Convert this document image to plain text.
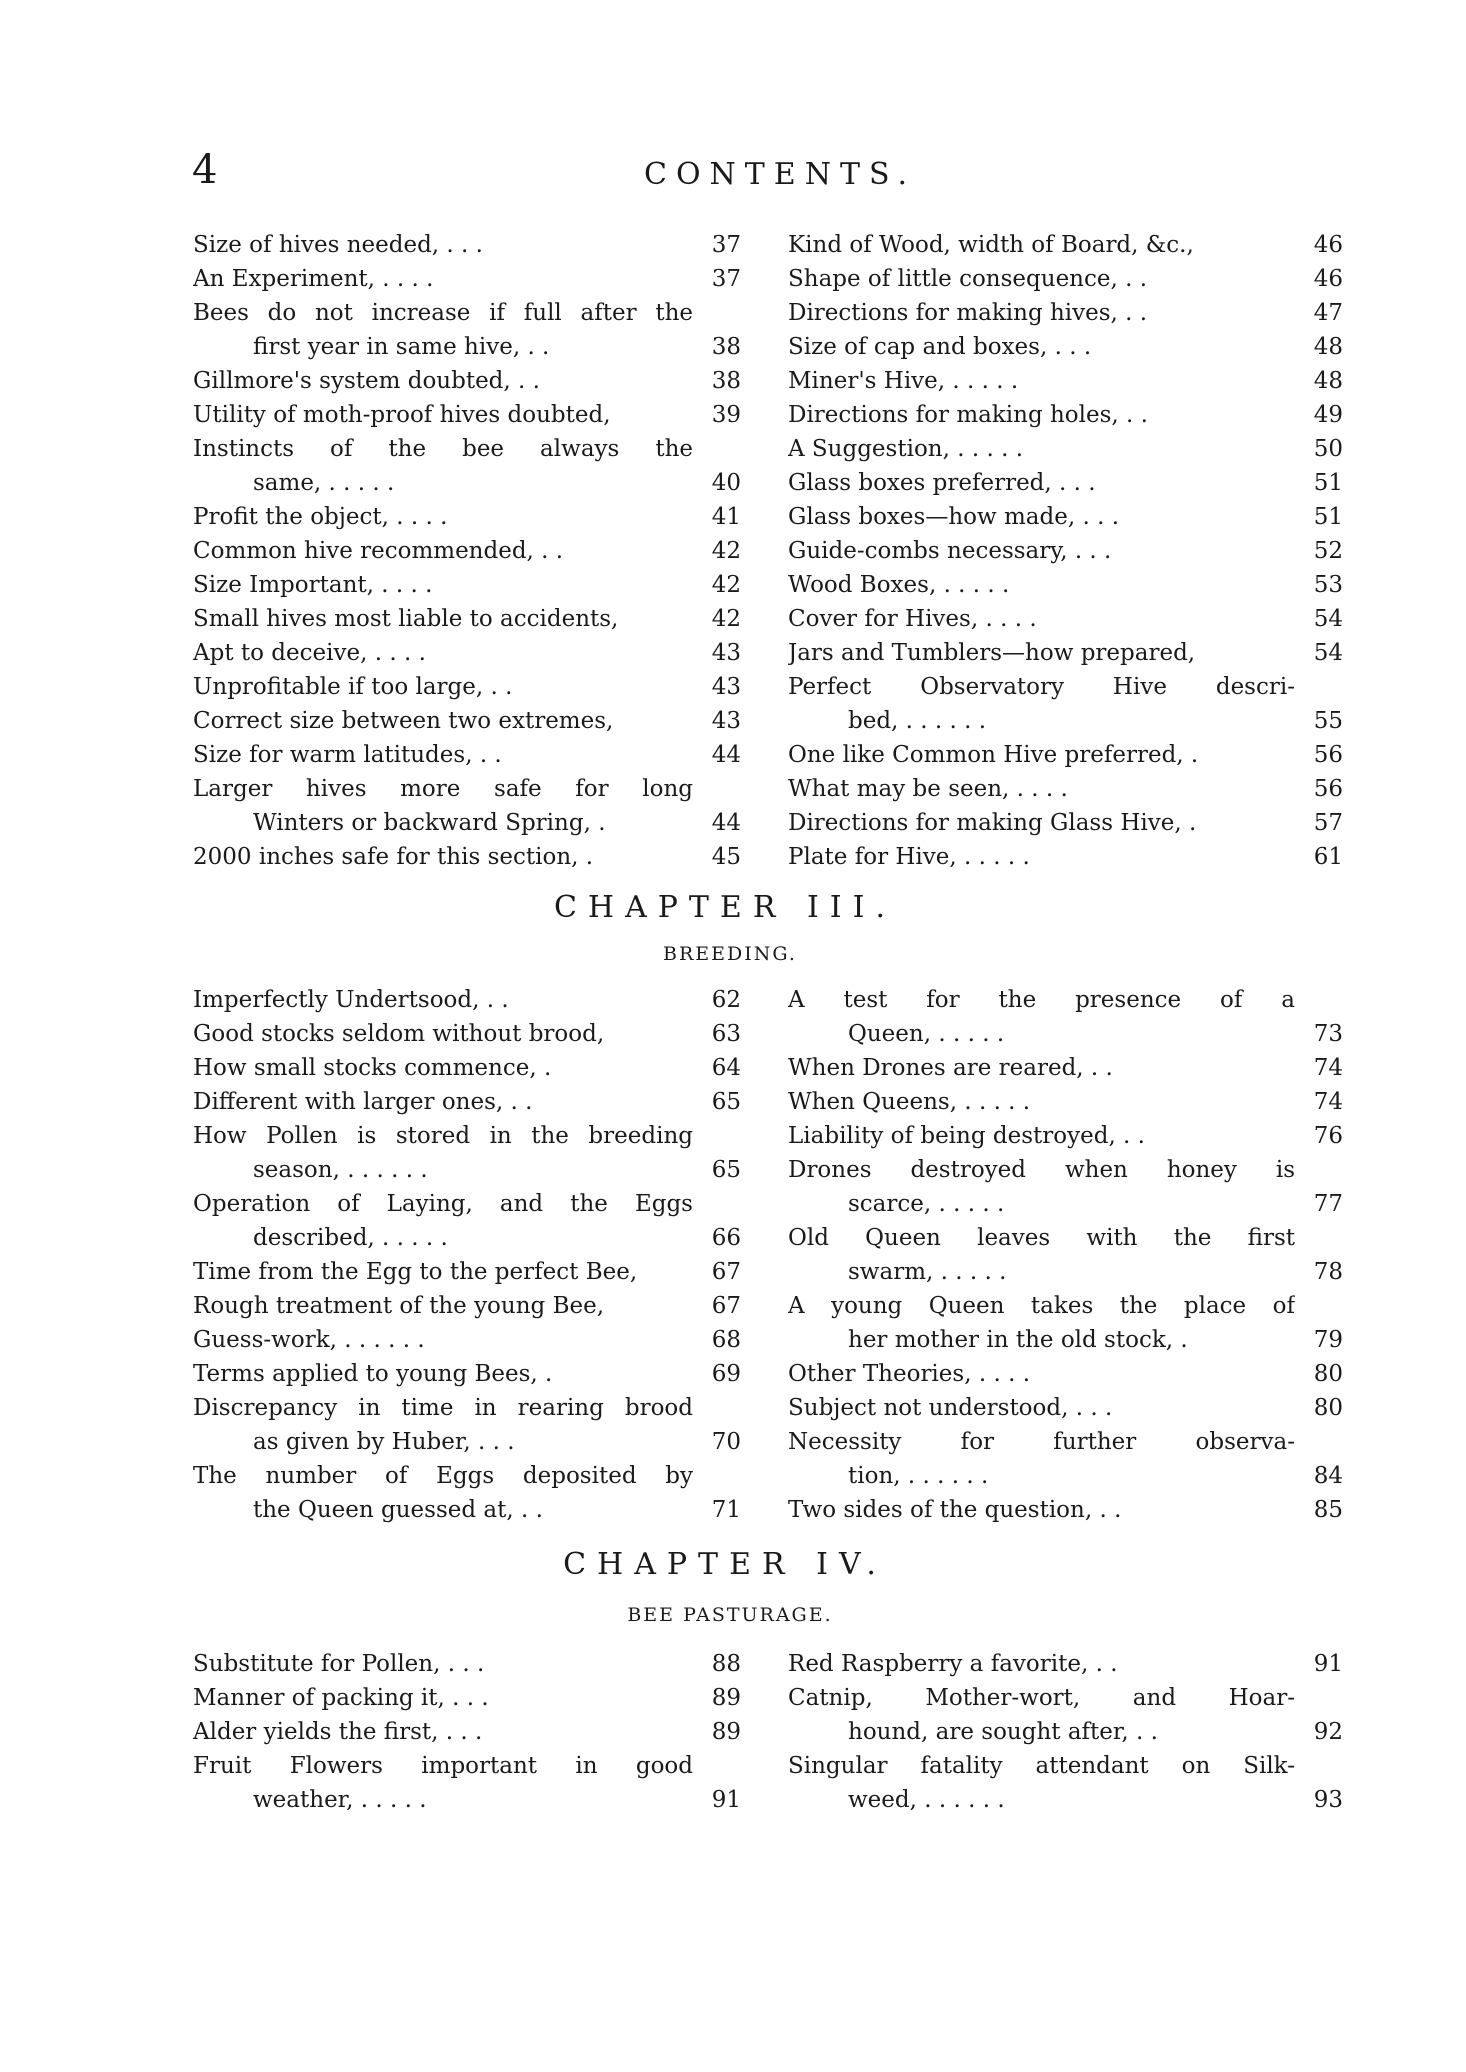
4	CONTENTS.
Size of hives needed, . . .	37
An Experiment, . . . .	37
Bees do not increase if full after the
first year in same hive, . .	38
Gillmore's system doubted, . .	38
Utility of moth-proof hives doubted,	39
Instincts of the bee always the
same, . . . . .	40
Profit the object, . . . .	41
Common hive recommended, . .	42
Size Important, . . . .	42
Small hives most liable to accidents,	42
Apt to deceive, . . . .	43
Unprofitable if too large, . .	43
Correct size between two extremes,	43
Size for warm latitudes, . .	44
Larger hives more safe for long
Winters or backward Spring, .	44
2000 inches safe for this section, .	45
Kind of Wood, width of Board, &c.,	46
Shape of little consequence, . .	46
Directions for making hives, . .	47
Size of cap and boxes, . . .	48
Miner's Hive, . . . . .	48
Directions for making holes, . .	49
A Suggestion, . . . . .	50
Glass boxes preferred, . . .	51
Glass boxes—how made, . . .	51
Guide-combs necessary, . . .	52
Wood Boxes, . . . . .	53
Cover for Hives, . . . .	54
Jars and Tumblers—how prepared,	54
Perfect Observatory Hive descri-
bed, . . . . . .	55
One like Common Hive preferred, .	56
What may be seen, . . . .	56
Directions for making Glass Hive, .	57
Plate for Hive, . . . . .	61
CHAPTER III.
BREEDING.
Imperfectly Undertsood, . .	62
Good stocks seldom without brood,	63
How small stocks commence, .	64
Different with larger ones, . .	65
How Pollen is stored in the breeding
season, . . . . . .	65
Operation of Laying, and the Eggs
described, . . . . .	66
Time from the Egg to the perfect Bee,	67
Rough treatment of the young Bee,	67
Guess-work, . . . . . .	68
Terms applied to young Bees, .	69
Discrepancy in time in rearing brood
as given by Huber, . . .	70
The number of Eggs deposited by
the Queen guessed at, . .	71
A test for the presence of a
Queen, . . . . .	73
When Drones are reared, . .	74
When Queens, . . . . .	74
Liability of being destroyed, . .	76
Drones destroyed when honey is
scarce, . . . . .	77
Old Queen leaves with the first
swarm, . . . . .	78
A young Queen takes the place of
her mother in the old stock, .	79
Other Theories, . . . .	80
Subject not understood, . . .	80
Necessity for further observa-
tion, . . . . . .	84
Two sides of the question, . .	85
CHAPTER IV.
BEE PASTURAGE.
Substitute for Pollen, . . .	88
Manner of packing it, . . .	89
Alder yields the first, . . .	89
Fruit Flowers important in good
weather, . . . . .	91
Red Raspberry a favorite, . .	91
Catnip, Mother-wort, and Hoar-
hound, are sought after, . .	92
Singular fatality attendant on Silk-
weed, . . . . . .	93
